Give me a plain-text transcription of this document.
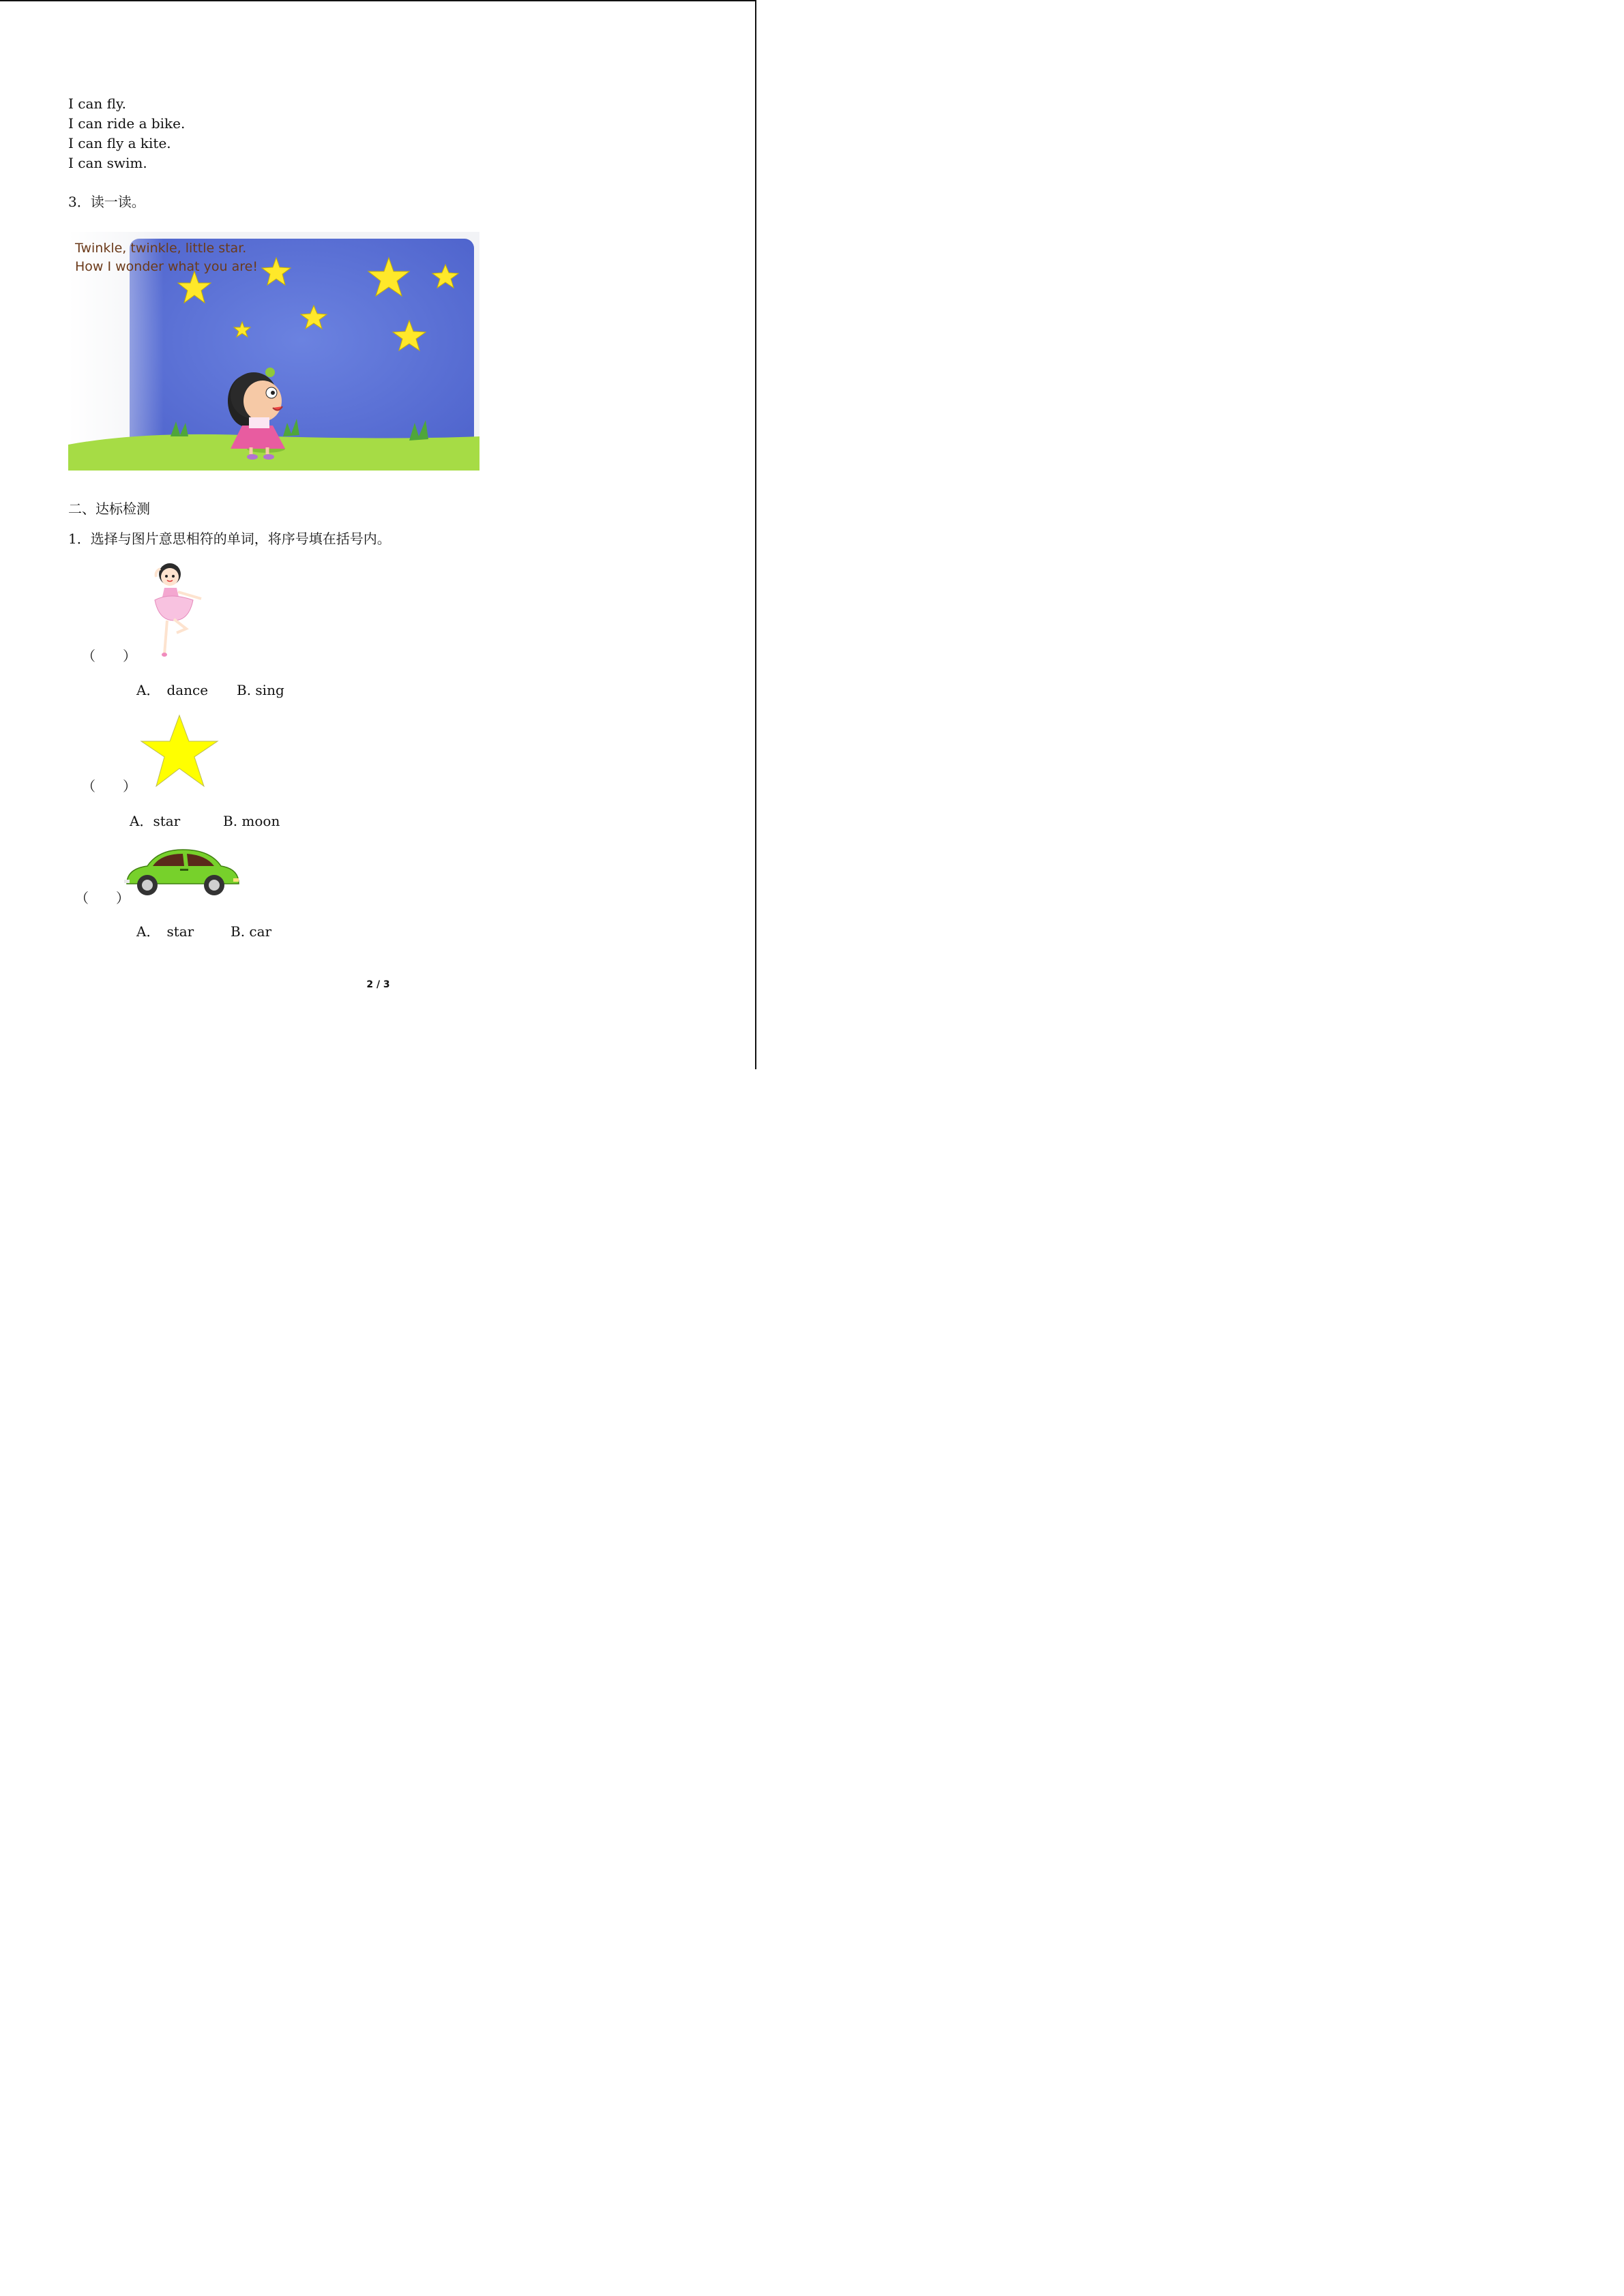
I can fly.
I can ride a bike.
I can fly a kite.
I can swim.
3．读一读。
Twinkle, twinkle, little star.
How I wonder what you are!
二、达标检测
1．选择与图片意思相符的单词，将序号填在括号内。
（　　）
A．　dance B. sing
（　　）
A．star	B. moon
（　　）
A．　star	B. car
2 / 3
